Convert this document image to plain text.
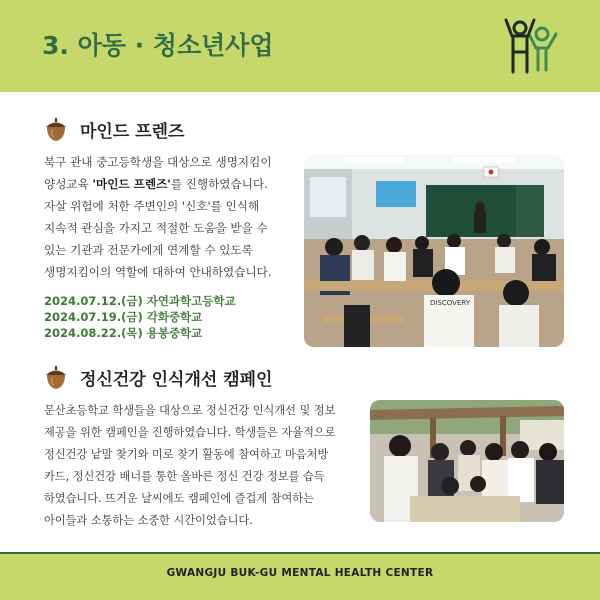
3. 아동 · 청소년사업
마인드 프렌즈

북구 관내 중고등학생을 대상으로 생명지킴이

양성교육 '마인드 프렌즈'를 진행하였습니다.

자살 위험에 처한 주변인의 '신호'를 인식해

지속적 관심을 가지고 적절한 도움을 받을 수

있는 기관과 전문가에게 연계할 수 있도록

생명지킴이의 역할에 대하여 안내하였습니다.

2024.07.12.(금) 자연과학고등학교
2024.07.19.(금) 각화중학교
2024.08.22.(목) 용봉중학교
DISCOVERY
정신건강 인식개선 캠페인

문산초등학교 학생들을 대상으로 정신건강 인식개선 및 정보

제공을 위한 캠페인을 진행하였습니다. 학생들은 자율적으로

정신건강 낱말 찾기와 미로 찾기 활동에 참여하고 마음처방

카드, 정신건강 배너를 통한 올바른 정신 건강 정보를 습득

하였습니다. 뜨거운 날씨에도 캠페인에 즐겁게 참여하는

아이들과 소통하는 소중한 시간이었습니다.

GWANGJU BUK-GU MENTAL HEALTH CENTER
